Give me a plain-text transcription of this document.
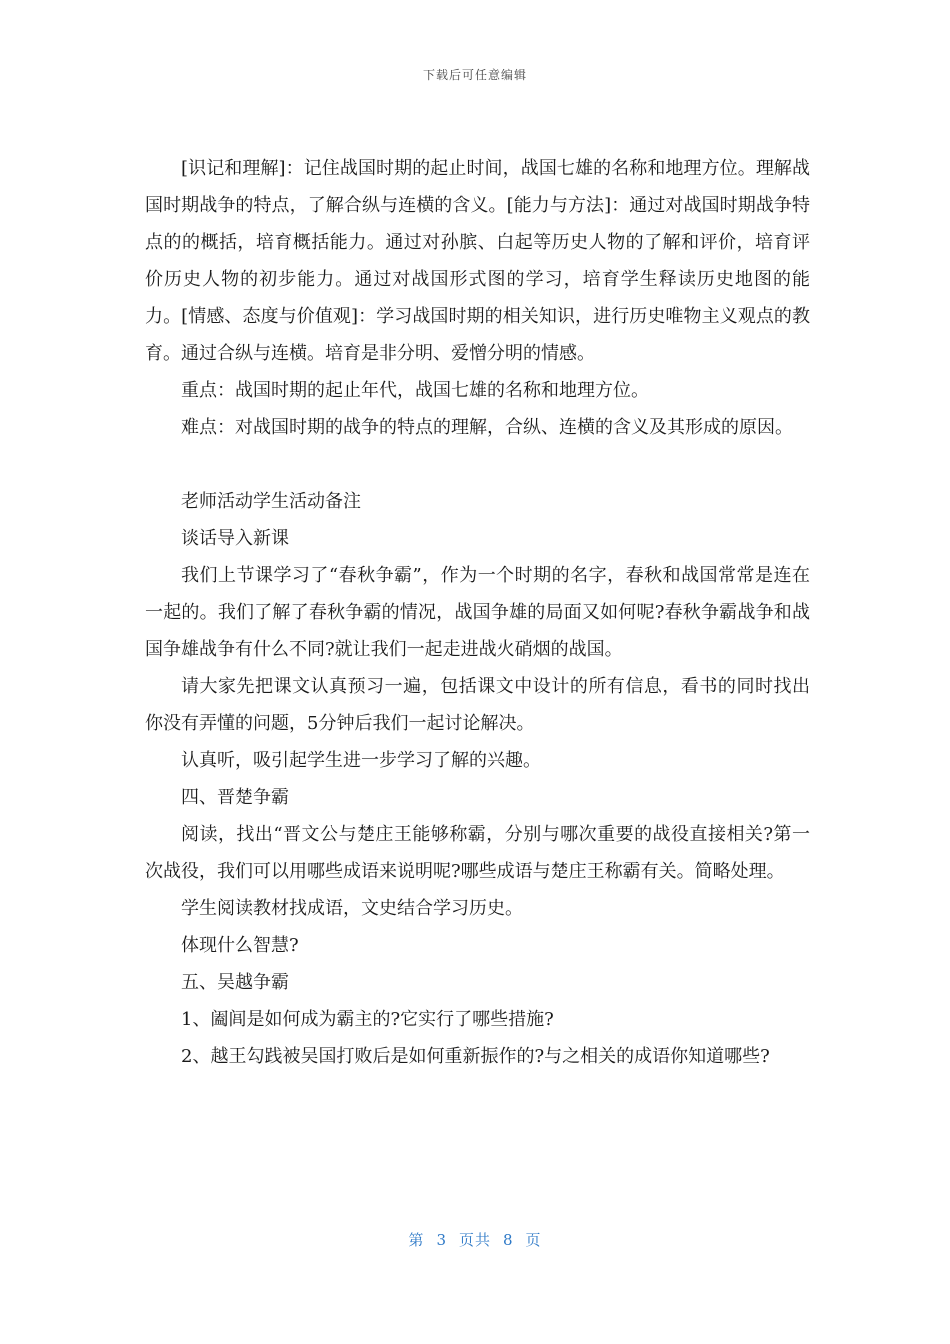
下载后可任意编辑

[识记和理解]：记住战国时期的起止时间，战国七雄的名称和地理方位。理解战国时期战争的特点，了解合纵与连横的含义。[能力与方法]：通过对战国时期战争特点的的概括，培育概括能力。通过对孙膑、白起等历史人物的了解和评价，培育评价历史人物的初步能力。通过对战国形式图的学习，培育学生释读历史地图的能力。[情感、态度与价值观]：学习战国时期的相关知识，进行历史唯物主义观点的教育。通过合纵与连横。培育是非分明、爱憎分明的情感。

重点：战国时期的起止年代，战国七雄的名称和地理方位。

难点：对战国时期的战争的特点的理解，合纵、连横的含义及其形成的原因。

老师活动学生活动备注

谈话导入新课

我们上节课学习了“春秋争霸”，作为一个时期的名字，春秋和战国常常是连在一起的。我们了解了春秋争霸的情况，战国争雄的局面又如何呢?春秋争霸战争和战国争雄战争有什么不同?就让我们一起走进战火硝烟的战国。

请大家先把课文认真预习一遍，包括课文中设计的所有信息，看书的同时找出你没有弄懂的问题，5分钟后我们一起讨论解决。

认真听，吸引起学生进一步学习了解的兴趣。

四、晋楚争霸

阅读，找出“晋文公与楚庄王能够称霸，分别与哪次重要的战役直接相关?第一次战役，我们可以用哪些成语来说明呢?哪些成语与楚庄王称霸有关。简略处理。

学生阅读教材找成语，文史结合学习历史。

体现什么智慧?

五、吴越争霸

1、阖闾是如何成为霸主的?它实行了哪些措施?

2、越王勾践被吴国打败后是如何重新振作的?与之相关的成语你知道哪些?

第 3 页共 8 页
